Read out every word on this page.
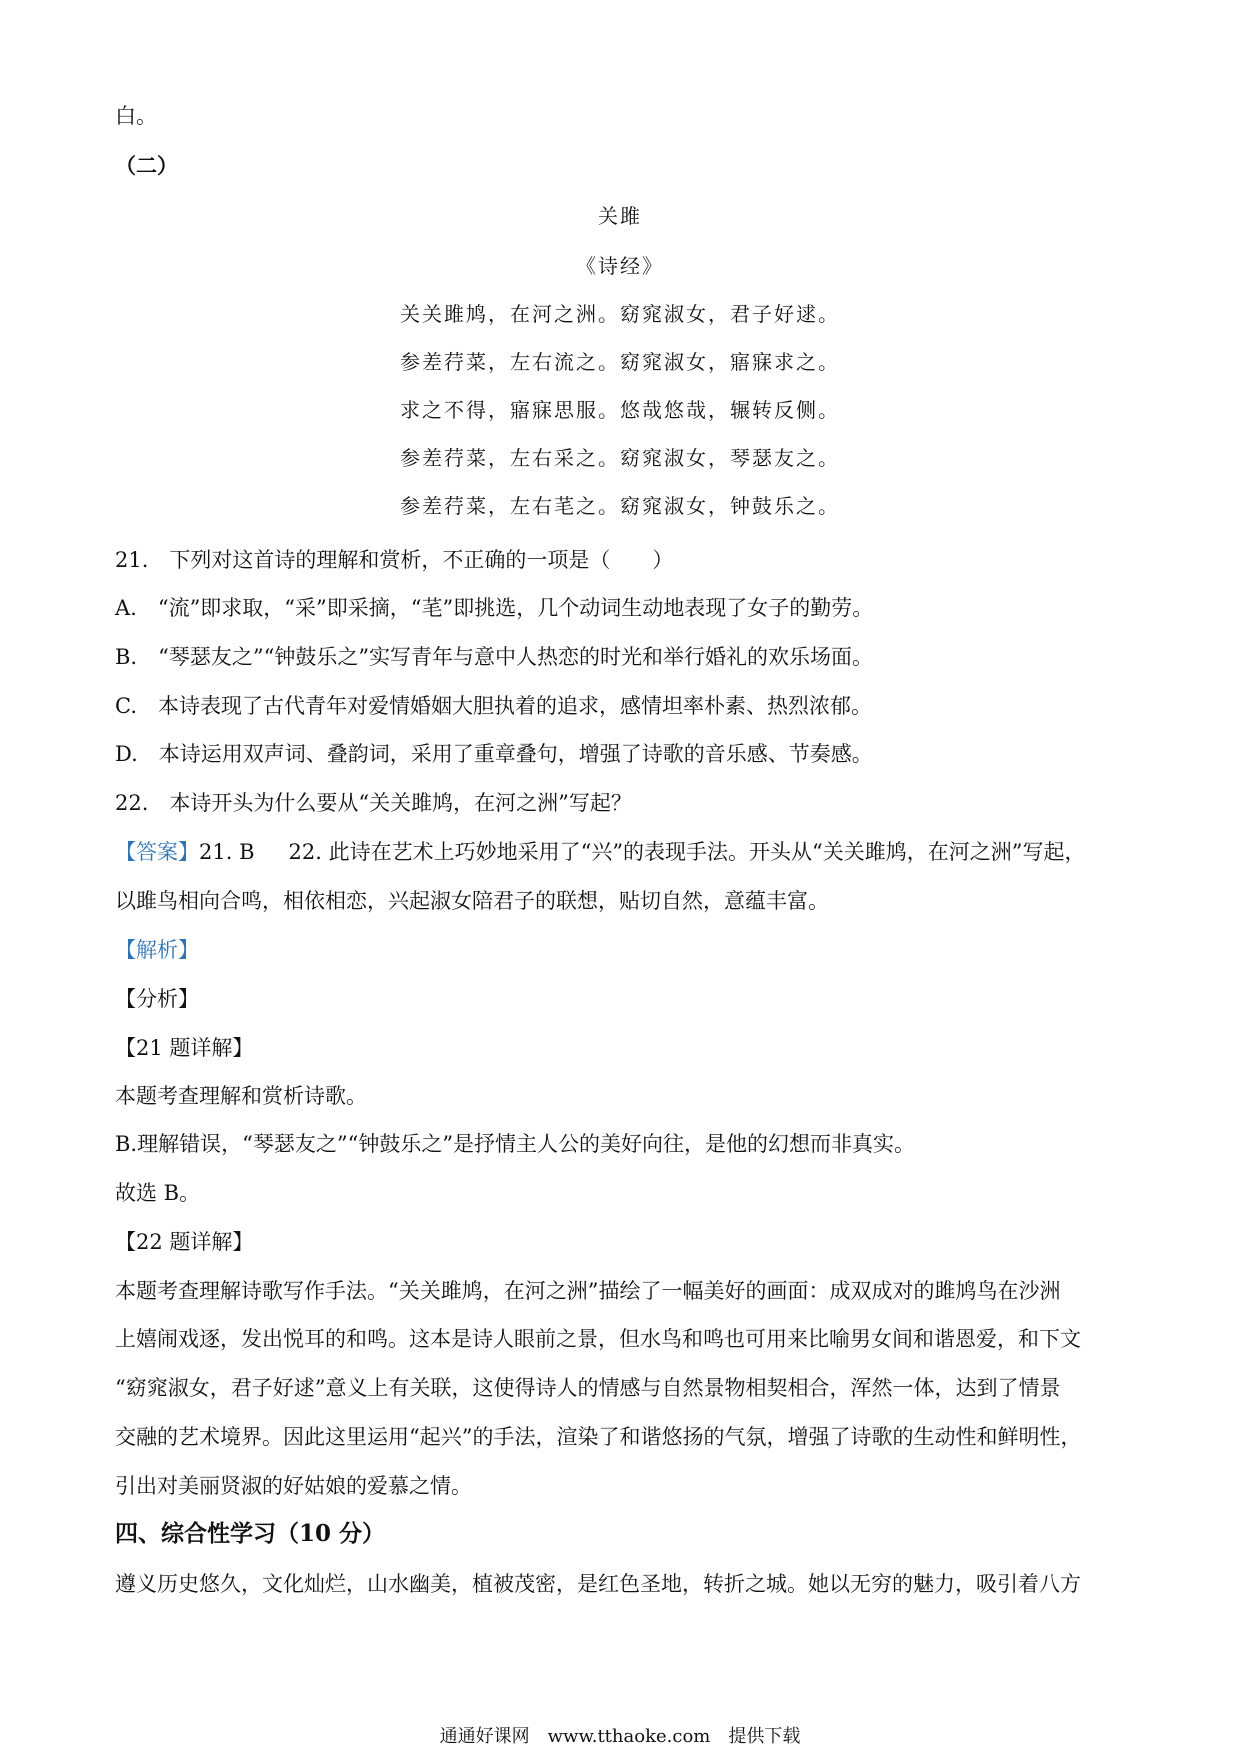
白。
（二）
关雎
《诗经》
关关雎鸠，在河之洲。窈窕淑女，君子好逑。
参差荇菜，左右流之。窈窕淑女，寤寐求之。
求之不得，寤寐思服。悠哉悠哉，辗转反侧。
参差荇菜，左右采之。窈窕淑女，琴瑟友之。
参差荇菜，左右芼之。窈窕淑女，钟鼓乐之。
21.　下列对这首诗的理解和赏析，不正确的一项是（　　）
A.　“流”即求取，“采”即采摘，“芼”即挑选，几个动词生动地表现了女子的勤劳。
B.　“琴瑟友之”“钟鼓乐之”实写青年与意中人热恋的时光和举行婚礼的欢乐场面。
C.　本诗表现了古代青年对爱情婚姻大胆执着的追求，感情坦率朴素、热烈浓郁。
D.　本诗运用双声词、叠韵词，采用了重章叠句，增强了诗歌的音乐感、节奏感。
22.　本诗开头为什么要从“关关雎鸠，在河之洲”写起？
【答案】21. B 22. 此诗在艺术上巧妙地采用了“兴”的表现手法。开头从“关关雎鸠，在河之洲”写起，
以雎鸟相向合鸣，相依相恋，兴起淑女陪君子的联想，贴切自然，意蕴丰富。
【解析】
【分析】
【21 题详解】
本题考查理解和赏析诗歌。
B.理解错误，“琴瑟友之”“钟鼓乐之”是抒情主人公的美好向往，是他的幻想而非真实。
故选 B。
【22 题详解】
本题考查理解诗歌写作手法。“关关雎鸠，在河之洲”描绘了一幅美好的画面：成双成对的雎鸠鸟在沙洲
上嬉闹戏逐，发出悦耳的和鸣。这本是诗人眼前之景，但水鸟和鸣也可用来比喻男女间和谐恩爱，和下文
“窈窕淑女，君子好逑”意义上有关联，这使得诗人的情感与自然景物相契相合，浑然一体，达到了情景
交融的艺术境界。因此这里运用“起兴”的手法，渲染了和谐悠扬的气氛，增强了诗歌的生动性和鲜明性，
引出对美丽贤淑的好姑娘的爱慕之情。
四、综合性学习（10 分）
遵义历史悠久，文化灿烂，山水幽美，植被茂密，是红色圣地，转折之城。她以无穷的魅力，吸引着八方
通通好课网　www.tthaoke.com　提供下载
